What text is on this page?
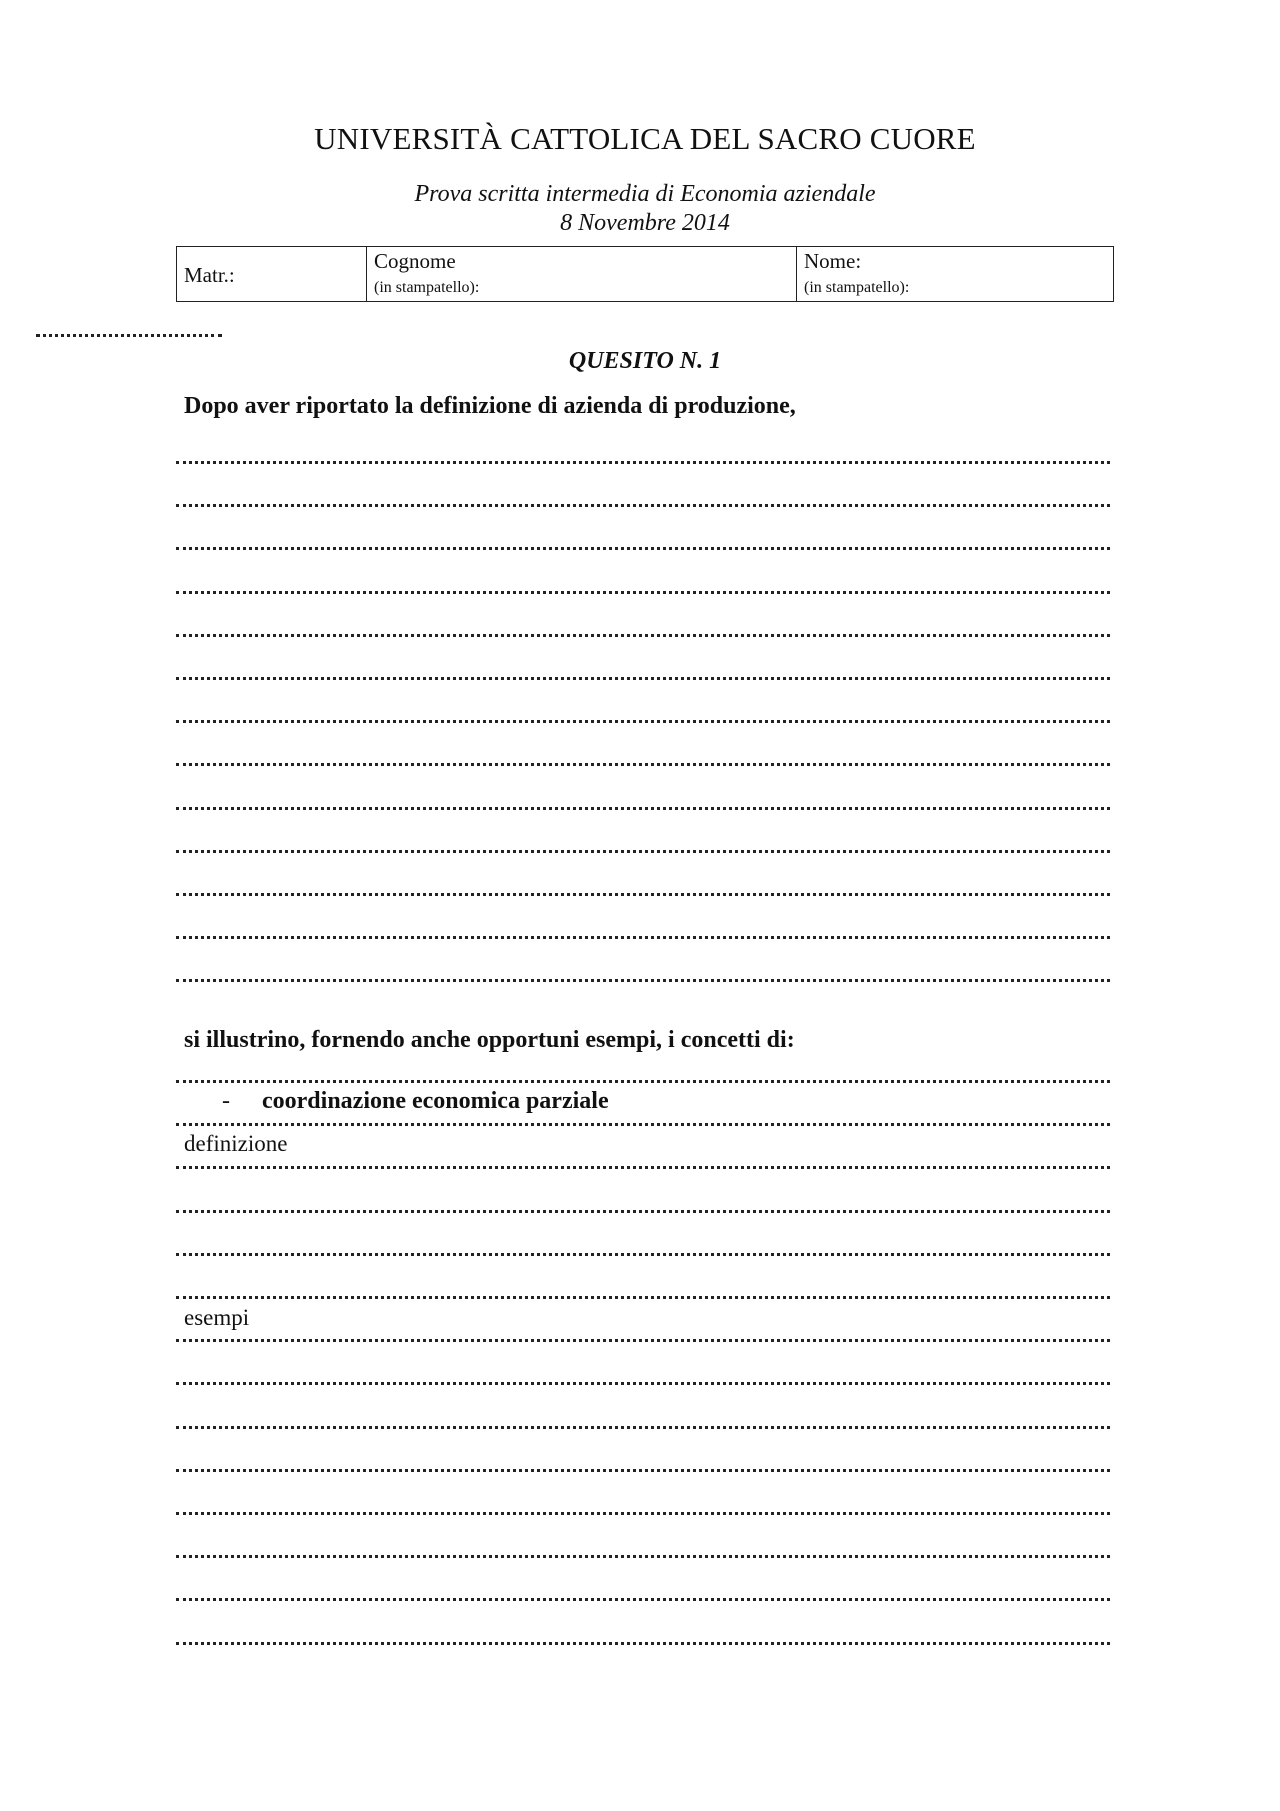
UNIVERSITÀ CATTOLICA DEL SACRO CUORE
Prova scritta intermedia di Economia aziendale
8 Novembre 2014
Matr.:
Cognome
(in stampatello):
Nome:
(in stampatello):
QUESITO N. 1
Dopo aver riportato la definizione di azienda di produzione,
si illustrino, fornendo anche opportuni esempi, i concetti di:
- coordinazione economica parziale
definizione
esempi
